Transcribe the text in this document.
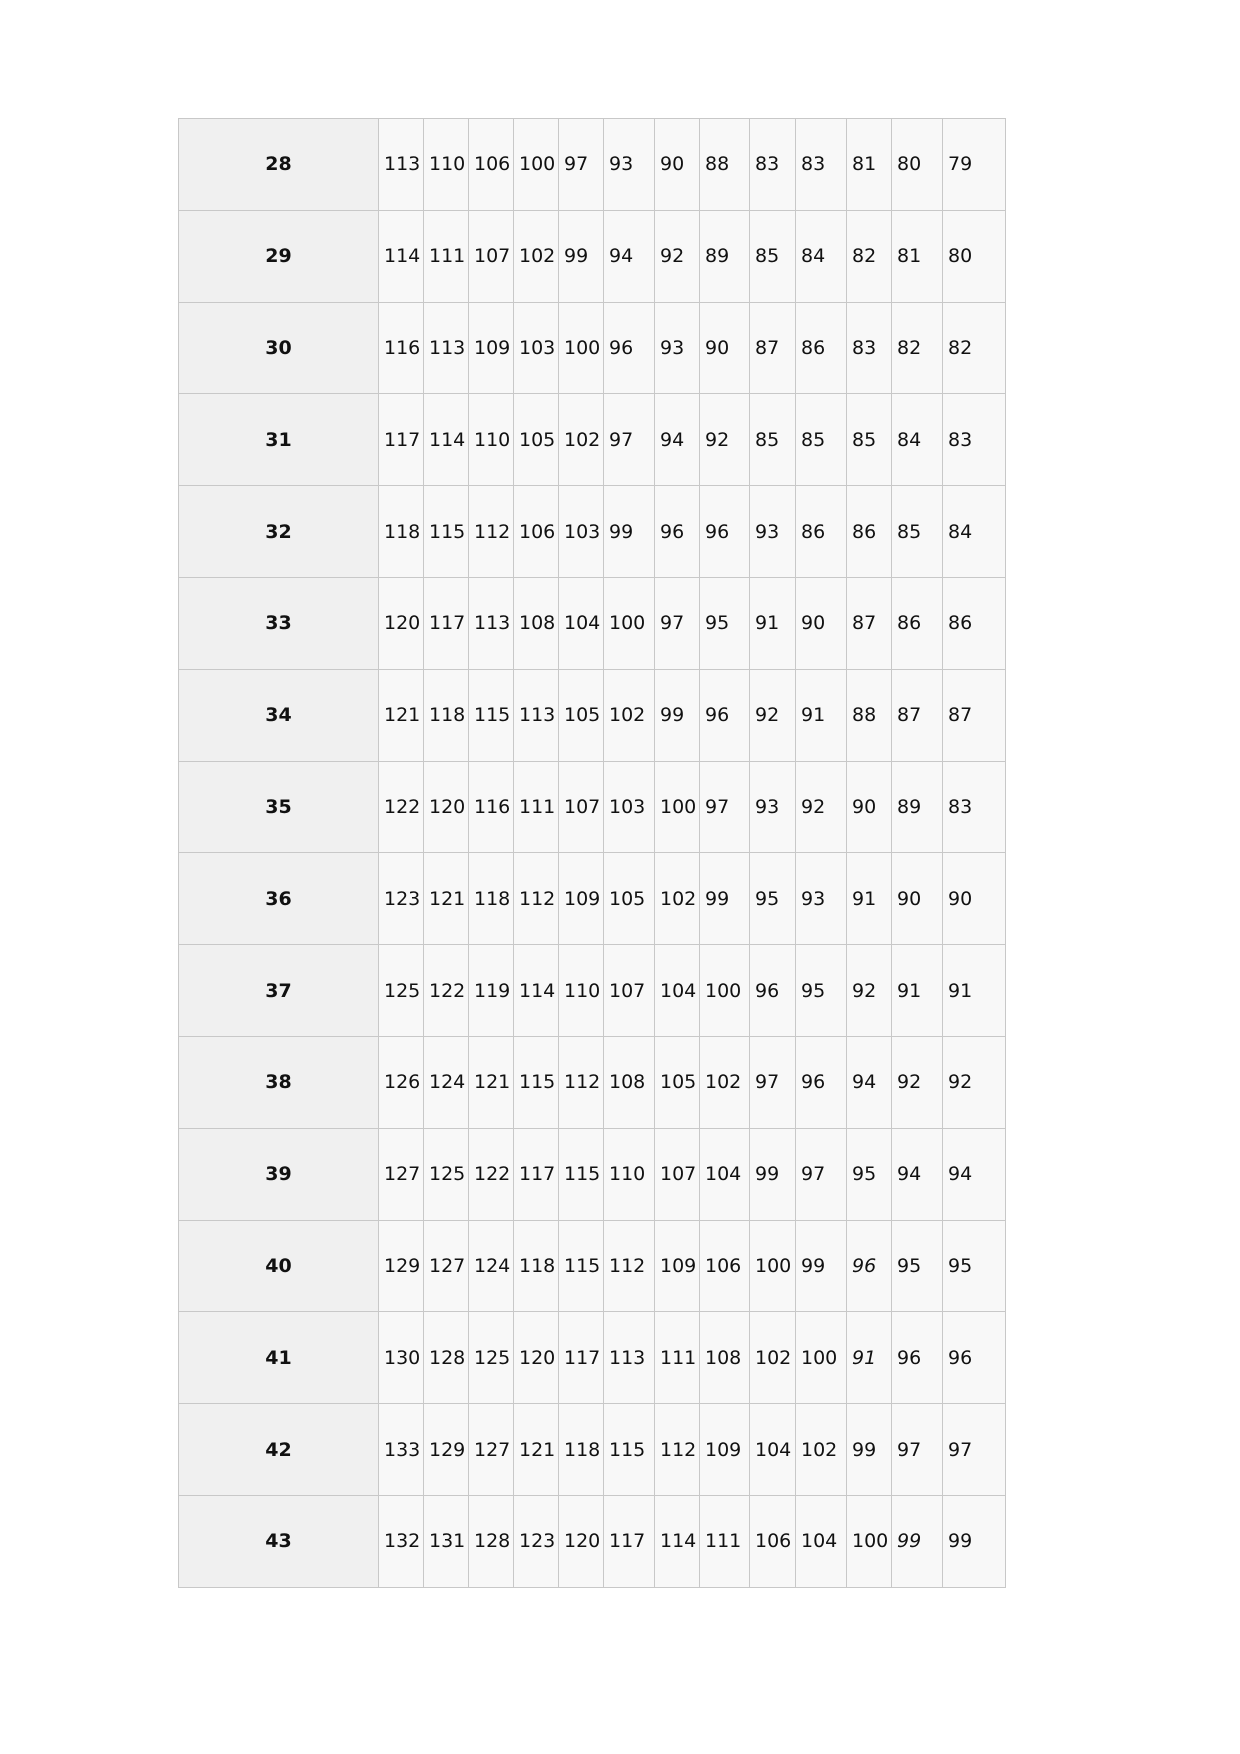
28	113	110	106	100	97	93	90	88	83	83	81	80	79
29	114	111	107	102	99	94	92	89	85	84	82	81	80
30	116	113	109	103	100	96	93	90	87	86	83	82	82
31	117	114	110	105	102	97	94	92	85	85	85	84	83
32	118	115	112	106	103	99	96	96	93	86	86	85	84
33	120	117	113	108	104	100	97	95	91	90	87	86	86
34	121	118	115	113	105	102	99	96	92	91	88	87	87
35	122	120	116	111	107	103	100	97	93	92	90	89	83
36	123	121	118	112	109	105	102	99	95	93	91	90	90
37	125	122	119	114	110	107	104	100	96	95	92	91	91
38	126	124	121	115	112	108	105	102	97	96	94	92	92
39	127	125	122	117	115	110	107	104	99	97	95	94	94
40	129	127	124	118	115	112	109	106	100	99	96	95	95
41	130	128	125	120	117	113	111	108	102	100	91	96	96
42	133	129	127	121	118	115	112	109	104	102	99	97	97
43	132	131	128	123	120	117	114	111	106	104	100	99	99
